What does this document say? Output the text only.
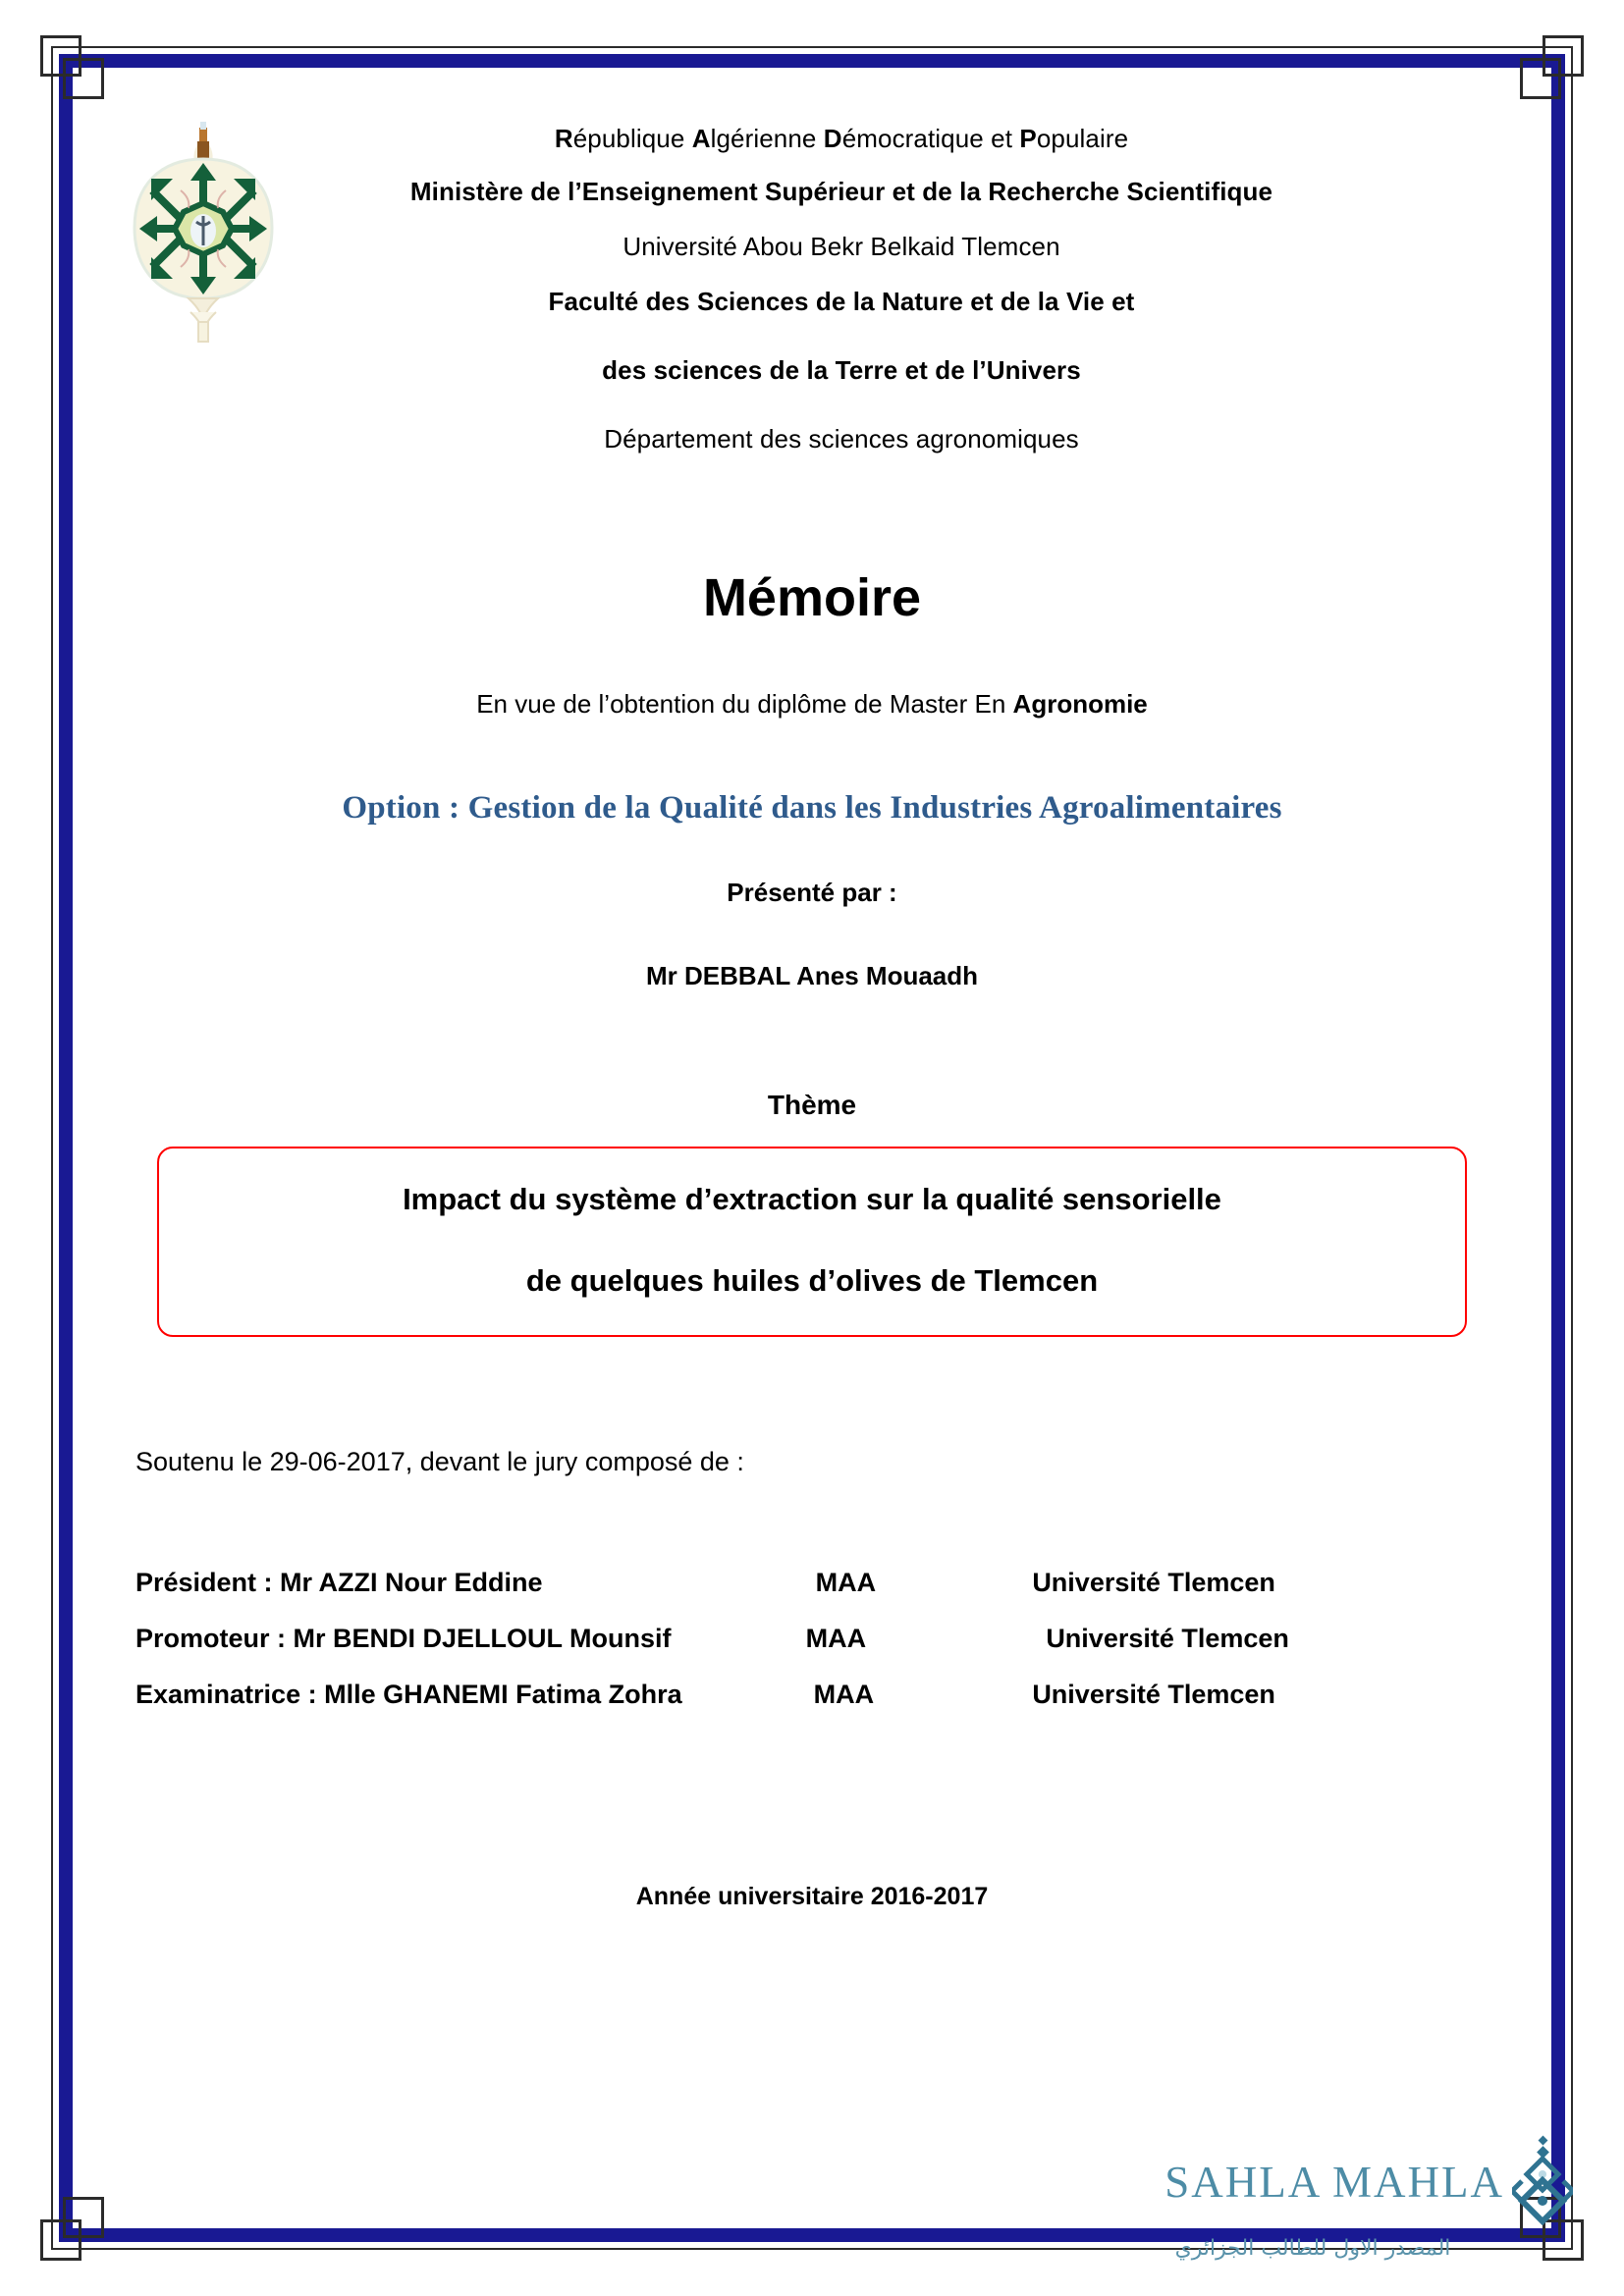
République Algérienne Démocratique et Populaire
Ministère de l’Enseignement Supérieur et de la Recherche Scientifique
Université Abou Bekr Belkaid Tlemcen
Faculté des Sciences de la Nature et de la Vie et
des sciences de la Terre et de l’Univers
Département des sciences agronomiques
Mémoire
En vue de l’obtention du diplôme de Master En Agronomie
Option : Gestion de la Qualité dans les Industries Agroalimentaires
Présenté par :
Mr DEBBAL Anes Mouaadh
Thème
Impact du système d’extraction sur la qualité sensorielle
de quelques huiles d’olives de Tlemcen
Soutenu le 29-06-2017, devant le jury composé de :
Président : Mr AZZI Nour Eddine	MAA	Université Tlemcen
Promoteur : Mr BENDI DJELLOUL Mounsif	MAA	Université Tlemcen
Examinatrice : Mlle GHANEMI Fatima Zohra	MAA	Université Tlemcen
Année universitaire 2016-2017
SAHLA MAHLA
المصدر الاول للطالب الجزائري
